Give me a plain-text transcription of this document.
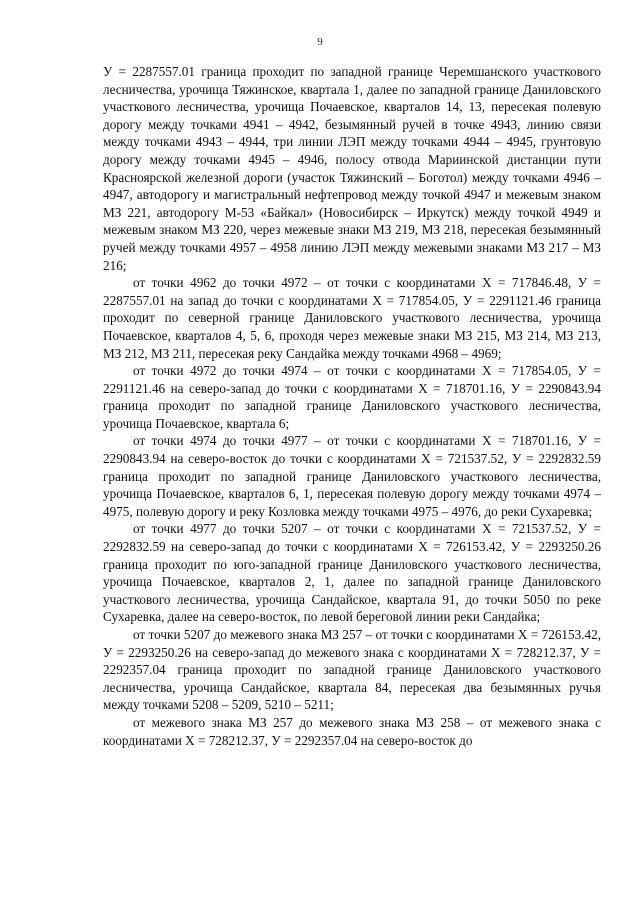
9

У = 2287557.01 граница проходит по западной границе Черемшанского участкового лесничества, урочища Тяжинское, квартала 1, далее по западной границе Даниловского участкового лесничества, урочища Почаевское, кварталов 14, 13, пересекая полевую дорогу между точками 4941 – 4942, безымянный ручей в точке 4943, линию связи между точками 4943 – 4944, три линии ЛЭП между точками 4944 – 4945, грунтовую дорогу между точками 4945 – 4946, полосу отвода Мариинской дистанции пути Красноярской железной дороги (участок Тяжинский – Боготол) между точками 4946 – 4947, автодорогу и магистральный нефтепровод между точкой 4947 и межевым знаком МЗ 221, автодорогу М-53 «Байкал» (Новосибирск – Иркутск) между точкой 4949 и межевым знаком МЗ 220, через межевые знаки МЗ 219, МЗ 218, пересекая безымянный ручей между точками 4957 – 4958 линию ЛЭП между межевыми знаками МЗ 217 – МЗ 216;

от точки 4962 до точки 4972 – от точки с координатами Х = 717846.48, У = 2287557.01 на запад до точки с координатами Х = 717854.05, У = 2291121.46 граница проходит по северной границе Даниловского участкового лесничества, урочища Почаевское, кварталов 4, 5, 6, проходя через межевые знаки МЗ 215, МЗ 214, МЗ 213, МЗ 212, МЗ 211, пересекая реку Сандайка между точками 4968 – 4969;

от точки 4972 до точки 4974 – от точки с координатами Х = 717854.05, У = 2291121.46 на северо-запад до точки с координатами Х = 718701.16, У = 2290843.94 граница проходит по западной границе Даниловского участкового лесничества, урочища Почаевское, квартала 6;

от точки 4974 до точки 4977 – от точки с координатами Х = 718701.16, У = 2290843.94 на северо-восток до точки с координатами Х = 721537.52, У = 2292832.59 граница проходит по западной границе Даниловского участкового лесничества, урочища Почаевское, кварталов 6, 1, пересекая полевую дорогу между точками 4974 – 4975, полевую дорогу и реку Козловка между точками 4975 – 4976, до реки Сухаревка;

от точки 4977 до точки 5207 – от точки с координатами Х = 721537.52, У = 2292832.59 на северо-запад до точки с координатами Х = 726153.42, У = 2293250.26 граница проходит по юго-западной границе Даниловского участкового лесничества, урочища Почаевское, кварталов 2, 1, далее по западной границе Даниловского участкового лесничества, урочища Сандайское, квартала 91, до точки 5050 по реке Сухаревка, далее на северо-восток, по левой береговой линии реки Сандайка;

от точки 5207 до межевого знака МЗ 257 – от точки с координатами Х = 726153.42, У = 2293250.26 на северо-запад до межевого знака с координатами Х = 728212.37, У = 2292357.04 граница проходит по западной границе Даниловского участкового лесничества, урочища Сандайское, квартала 84, пересекая два безымянных ручья между точками 5208 – 5209, 5210 – 5211;

от межевого знака МЗ 257 до межевого знака МЗ 258 – от межевого знака с координатами Х = 728212.37, У = 2292357.04 на северо-восток до
